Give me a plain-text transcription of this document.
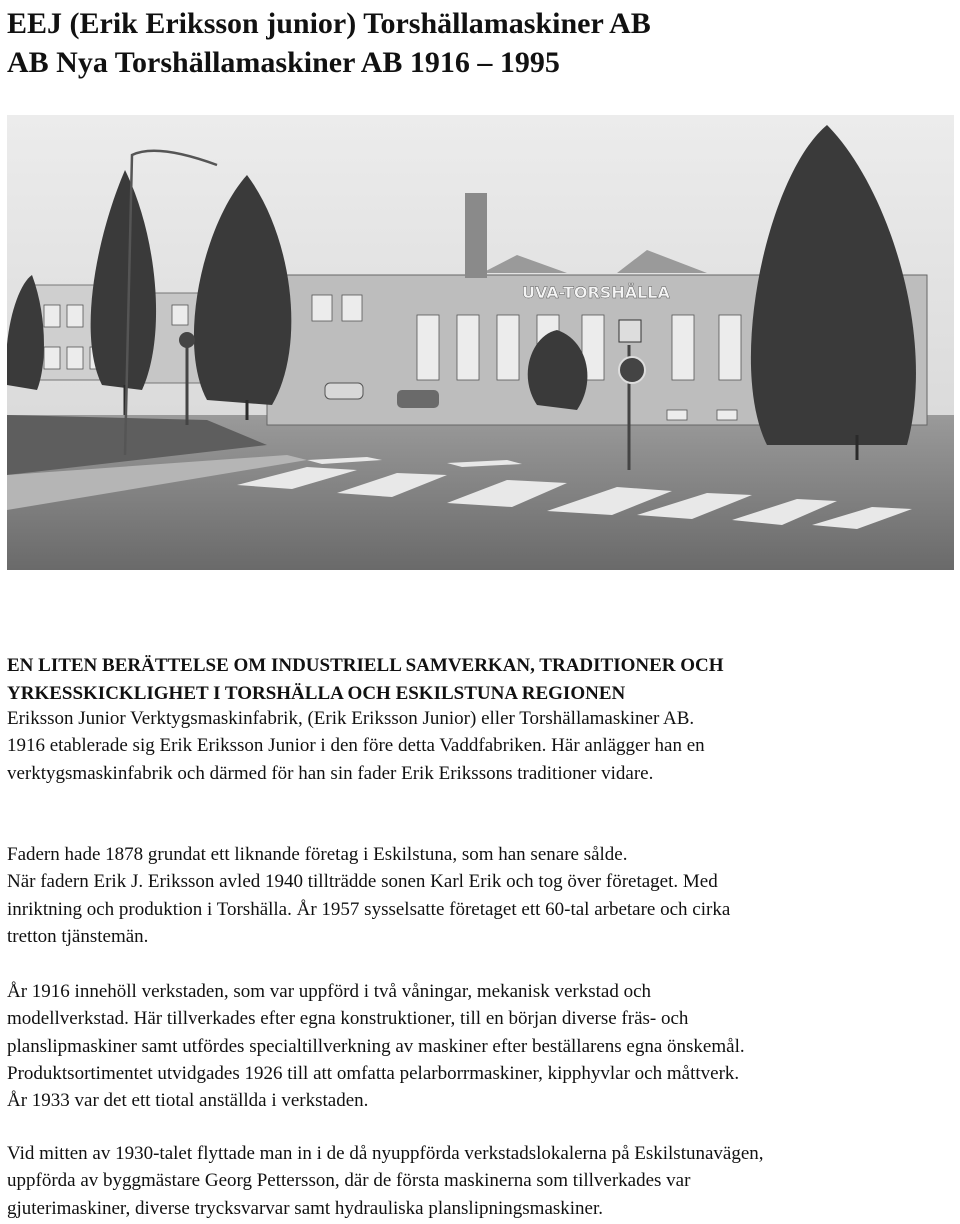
EEJ (Erik Eriksson junior) Torshällamaskiner AB
AB Nya Torshällamaskiner AB 1916 – 1995
UVA-TORSHÄLLA
EN LITEN BERÄTTELSE OM INDUSTRIELL SAMVERKAN, TRADITIONER OCH
YRKESSKICKLIGHET I TORSHÄLLA OCH ESKILSTUNA REGIONEN

Eriksson Junior Verktygsmaskinfabrik, (Erik Eriksson Junior) eller Torshällamaskiner AB.
1916 etablerade sig Erik Eriksson Junior i den före detta Vaddfabriken. Här anlägger han en
verktygsmaskinfabrik och därmed för han sin fader Erik Erikssons traditioner vidare.

Fadern hade 1878 grundat ett liknande företag i Eskilstuna, som han senare sålde.
När fadern Erik J. Eriksson avled 1940 tillträdde sonen Karl Erik och tog över företaget. Med
inriktning och produktion i Torshälla. År 1957 sysselsatte företaget ett 60-tal arbetare och cirka
tretton tjänstemän.

År 1916 innehöll verkstaden, som var uppförd i två våningar, mekanisk verkstad och
modellverkstad. Här tillverkades efter egna konstruktioner, till en början diverse fräs- och
planslipmaskiner samt utfördes specialtillverkning av maskiner efter beställarens egna önskemål.
Produktsortimentet utvidgades 1926 till att omfatta pelarborrmaskiner, kipphyvlar och måttverk.
År 1933 var det ett tiotal anställda i verkstaden.

Vid mitten av 1930-talet flyttade man in i de då nyuppförda verkstadslokalerna på Eskilstunavägen,
uppförda av byggmästare Georg Pettersson, där de första maskinerna som tillverkades var
gjuterimaskiner, diverse trycksvarvar samt hydrauliska planslipningsmaskiner.
